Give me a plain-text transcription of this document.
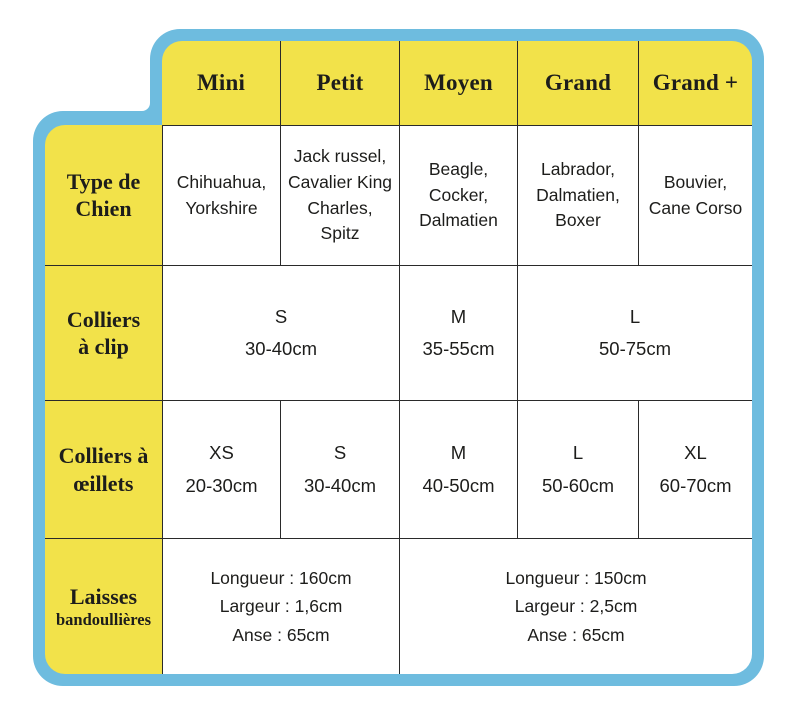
Mini	Petit	Moyen Grand Grand +
Type de
Chien
Chihuahua,
Yorkshire
Jack russel,
Cavalier King
Charles,
Spitz
Beagle,
Cocker,
Dalmatien
Labrador,
Dalmatien,
Boxer
Bouvier,
Cane Corso
Colliers
à clip
S
30-40cm
M
35-55cm
L
50-75cm
Colliers à
œillets
XS
20-30cm
S
30-40cm
M
40-50cm
L
50-60cm
XL
60-70cm
Laisses
bandoullières
Longueur : 160cm
Largeur : 1,6cm
Anse : 65cm
Longueur : 150cm
Largeur : 2,5cm
Anse : 65cm
